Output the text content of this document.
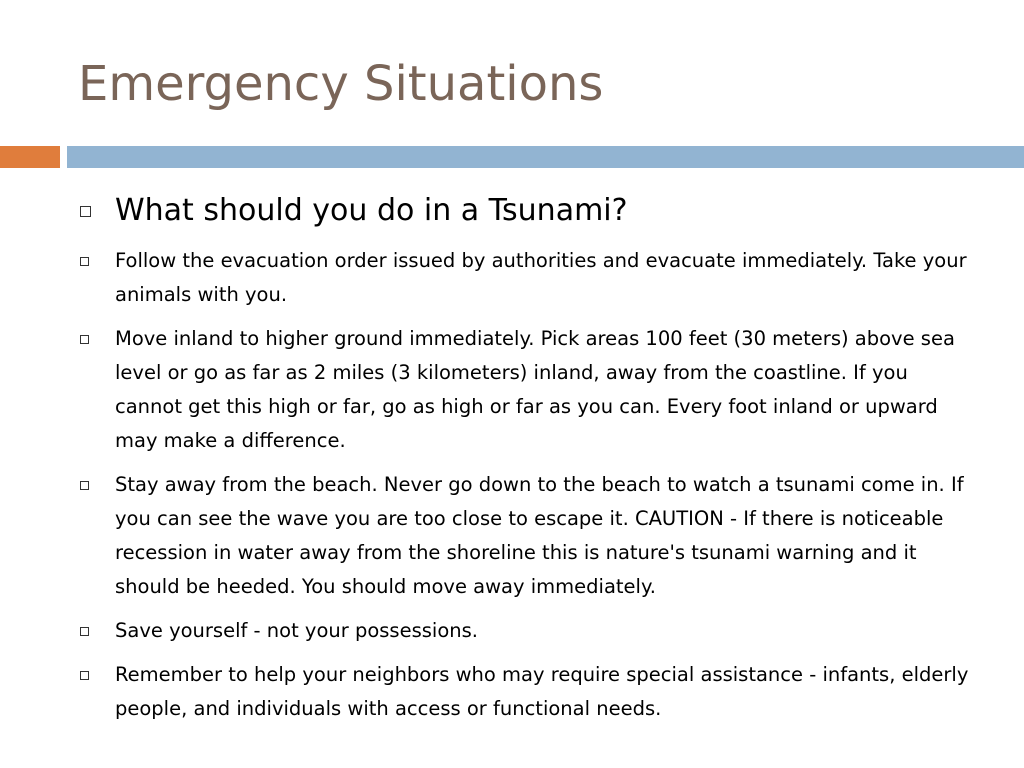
Emergency Situations
What should you do in a Tsunami?
Follow the evacuation order issued by authorities and evacuate immediately. Take your animals with you.
Move inland to higher ground immediately. Pick areas 100 feet (30 meters) above sea level or go as far as 2 miles (3 kilometers) inland, away from the coastline. If you cannot get this high or far, go as high or far as you can. Every foot inland or upward may make a difference.
Stay away from the beach. Never go down to the beach to watch a tsunami come in. If you can see the wave you are too close to escape it. CAUTION - If there is noticeable recession in water away from the shoreline this is nature's tsunami warning and it should be heeded. You should move away immediately.
Save yourself - not your possessions.
Remember to help your neighbors who may require special assistance - infants, elderly people, and individuals with access or functional needs.
